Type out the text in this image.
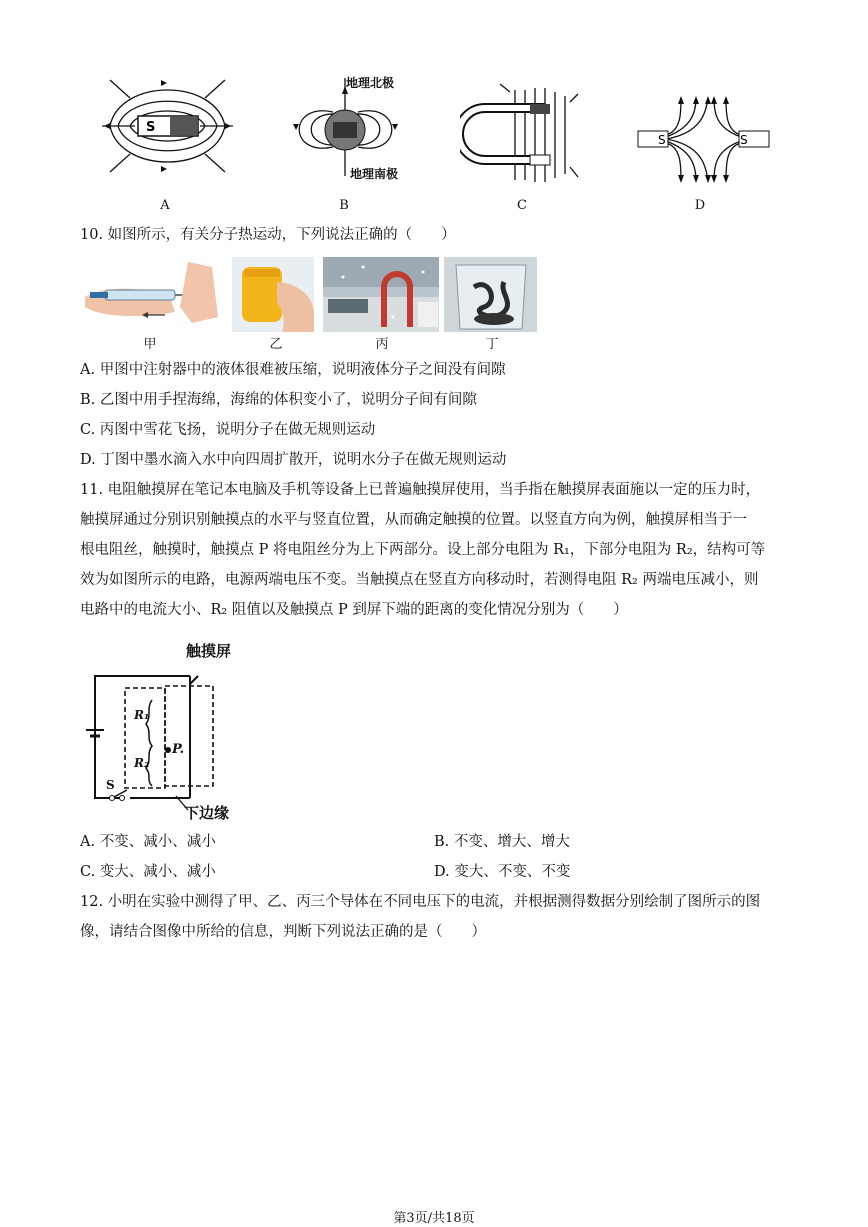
S
A
地理北极
地理南极
B	C
S	S
D
10. 如图所示，有关分子热运动，下列说法正确的（　　）
甲	乙	丙	丁
A. 甲图中注射器中的液体很难被压缩，说明液体分子之间没有间隙
B. 乙图中用手捏海绵，海绵的体积变小了，说明分子间有间隙
C. 丙图中雪花飞扬，说明分子在做无规则运动
D. 丁图中墨水滴入水中向四周扩散开，说明水分子在做无规则运动
11. 电阻触摸屏在笔记本电脑及手机等设备上已普遍触摸屏使用，当手指在触摸屏表面施以一定的压力时，
触摸屏通过分别识别触摸点的水平与竖直位置，从而确定触摸的位置。以竖直方向为例，触摸屏相当于一
根电阻丝，触摸时，触摸点 P 将电阻丝分为上下两部分。设上部分电阻为 R₁，下部分电阻为 R₂，结构可等
效为如图所示的电路，电源两端电压不变。当触摸点在竖直方向移动时，若测得电阻 R₂ 两端电压减小，则
电路中的电流大小、R₂ 阻值以及触摸点 P 到屏下端的距离的变化情况分别为（　　）
触摸屏
R₁
R₂
P.
S
下边缘
A. 不变、减小、减小	B. 不变、增大、增大
C. 变大、减小、减小	D. 变大、不变、不变
12. 小明在实验中测得了甲、乙、丙三个导体在不同电压下的电流，并根据测得数据分别绘制了图所示的图
像，请结合图像中所给的信息，判断下列说法正确的是（　　）
第3页/共18页
